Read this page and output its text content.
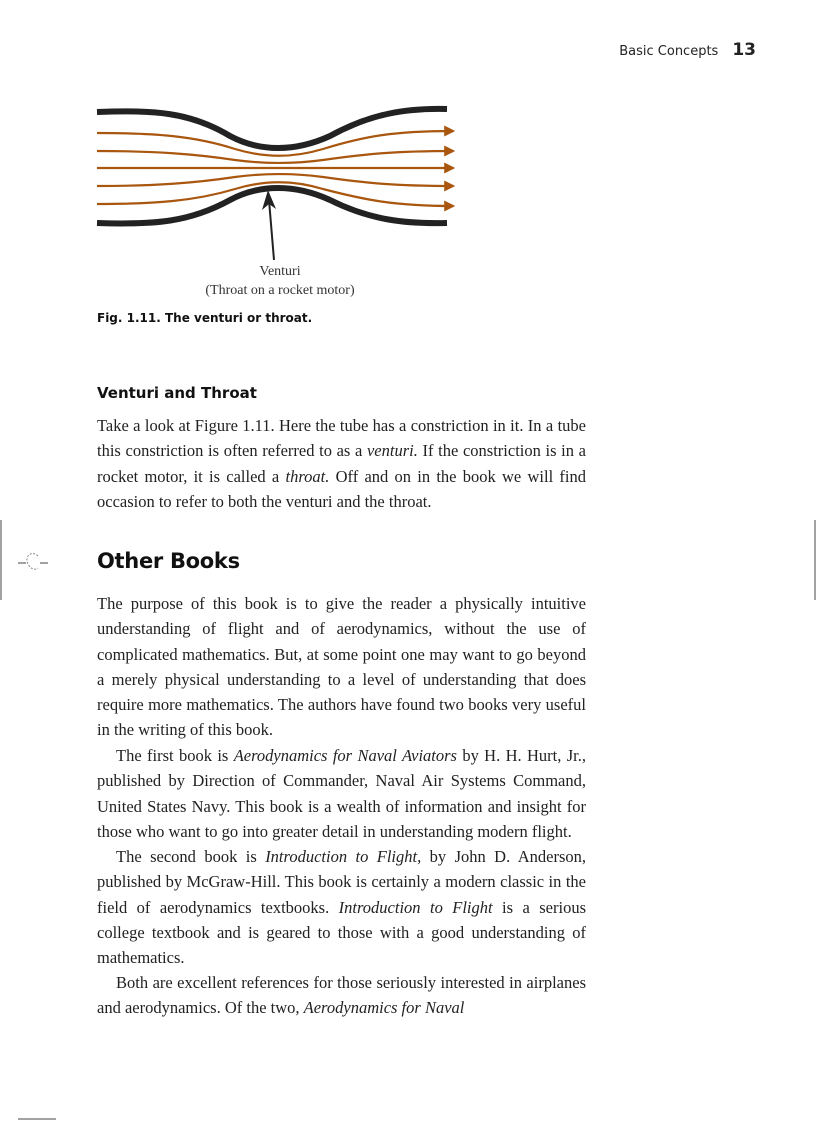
Basic Concepts 13
Venturi
(Throat on a rocket motor)
Fig. 1.11. The venturi or throat.
Venturi and Throat

Take a look at Figure 1.11. Here the tube has a constriction in it. In a tube this constriction is often referred to as a venturi. If the constriction is in a rocket motor, it is called a throat. Off and on in the book we will find occasion to refer to both the venturi and the throat.

Other Books

The purpose of this book is to give the reader a physically intuitive understanding of flight and of aerodynamics, without the use of complicated mathematics. But, at some point one may want to go beyond a merely physical understanding to a level of understanding that does require more mathematics. The authors have found two books very useful in the writing of this book.

The first book is Aerodynamics for Naval Aviators by H. H. Hurt, Jr., published by Direction of Commander, Naval Air Systems Command, United States Navy. This book is a wealth of information and insight for those who want to go into greater detail in understanding modern flight.

The second book is Introduction to Flight, by John D. Anderson, published by McGraw-Hill. This book is certainly a modern classic in the field of aerodynamics textbooks. Introduction to Flight is a serious college textbook and is geared to those with a good understanding of mathematics.

Both are excellent references for those seriously interested in airplanes and aerodynamics. Of the two, Aerodynamics for Naval
